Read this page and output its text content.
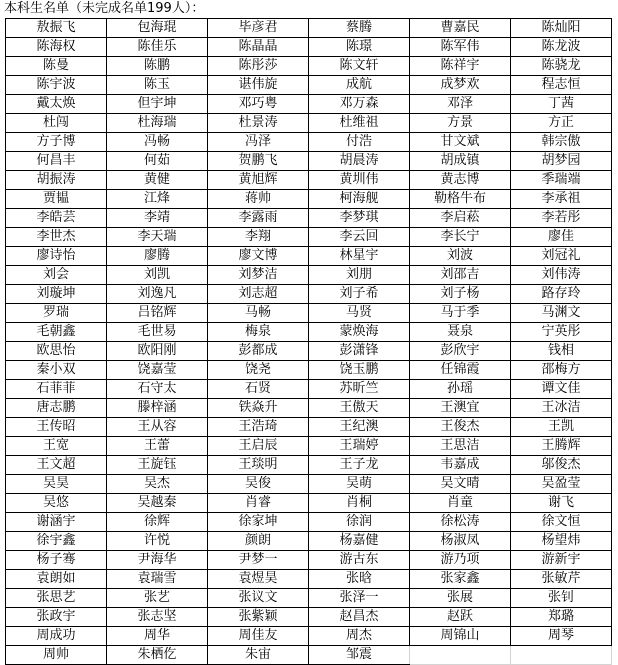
本科生名单（未完成名单199人）：
敖振飞	包海琨	毕彦君	蔡腾	曹嘉民	陈灿阳
陈海权	陈佳乐	陈晶晶	陈璟	陈军伟	陈龙波
陈曼	陈鹏	陈彤莎	陈文轩	陈祥宇	陈骁龙
陈宇波	陈玉	谌伟旋	成航	成梦欢	程志恒
戴太焕	但宇坤	邓巧粤	邓万森	邓泽	丁茜
杜闯	杜海瑞	杜景涛	杜维祖	方景	方正
方子博	冯畅	冯泽	付浩	甘文斌	韩宗傲
何昌丰	何茹	贺鹏飞	胡晨涛	胡成镇	胡梦园
胡振涛	黄健	黄旭辉	黄圳伟	黄志博	季瑞端
贾韫	江烽	蒋帅	柯海舰	勒格牛布	李承祖
李皓芸	李靖	李露雨	李梦琪	李启菘	李若彤
李世杰	李天瑞	李翔	李云回	李长宁	廖佳
廖诗怡	廖腾	廖文博	林星宇	刘波	刘冠礼
刘会	刘凯	刘梦洁	刘朋	刘邵吉	刘伟涛
刘璇坤	刘逸凡	刘志超	刘子希	刘子杨	路存玲
罗瑞	吕铭辉	马畅	马贤	马于季	马渊文
毛朝鑫	毛世易	梅泉	蒙焕海	聂泉	宁英彤
欧思怡	欧阳刚	彭都成	彭潇锋	彭欣宇	钱相
秦小双	饶嘉莹	饶尧	饶玉鹏	任锦霞	邵梅方
石菲菲	石守太	石贤	苏昕竺	孙瑶	谭文佳
唐志鹏	滕梓涵	铁焱升	王傲天	王澳宜	王冰洁
王传昭	王从容	王浩琦	王纪澳	王俊杰	王凯
王宽	王蕾	王启辰	王瑞婷	王思洁	王腾辉
王文超	王旋钰	王琰明	王子龙	韦嘉成	邬俊杰
吴昊	吴杰	吴俊	吴萌	吴文晴	吴盈莹
吴悠	吴越秦	肖睿	肖桐	肖童	谢飞
谢涵宇	徐辉	徐家坤	徐润	徐松涛	徐文恒
徐宇鑫	许悦	颜朗	杨嘉健	杨淑凤	杨望炜
杨子骞	尹海华	尹梦一	游古东	游乃项	游新宇
袁朗如	袁瑞雪	袁煜昊	张晗	张家鑫	张敏芹
张思艺	张艺	张议文	张泽一	张展	张钊
张政宇	张志坚	张紫颖	赵昌杰	赵跃	郑璐
周成功	周华	周佳友	周杰	周锦山	周琴
周帅	朱栖仡	朱宙	邹震		
